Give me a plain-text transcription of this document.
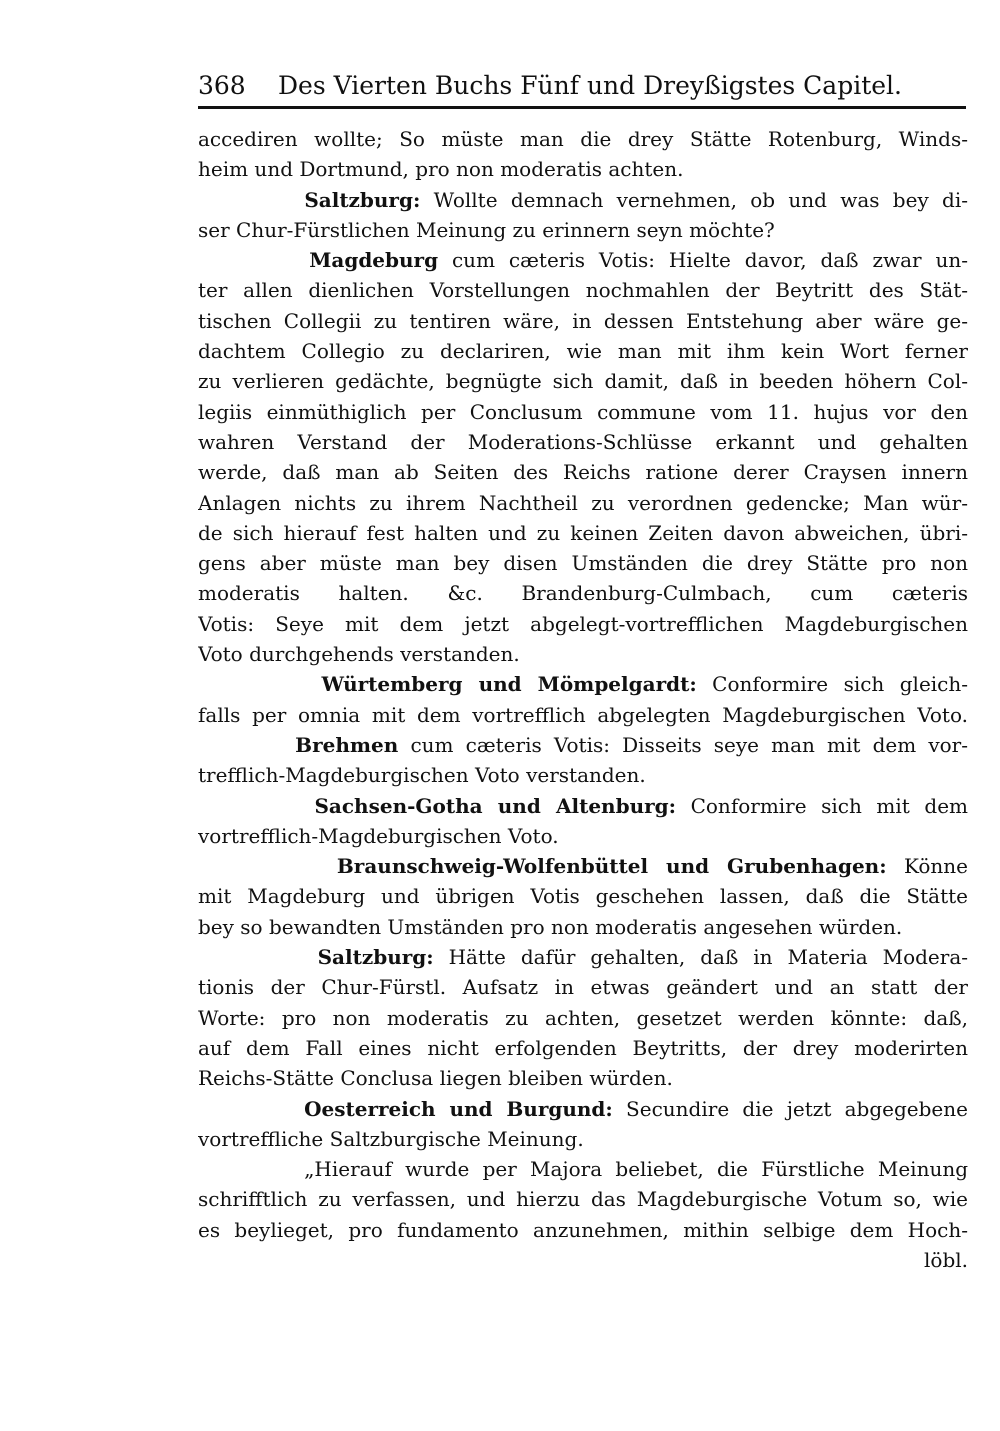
368 Des Vierten Buchs Fünf und Dreyßigstes Capitel.
accediren wollte; So müste man die drey Stätte Rotenburg, Winds-
heim und Dortmund, pro non moderatis achten.
Saltzburg: Wollte demnach vernehmen, ob und was bey di-
ser Chur-Fürstlichen Meinung zu erinnern seyn möchte?
Magdeburg cum cæteris Votis: Hielte davor, daß zwar un-
ter allen dienlichen Vorstellungen nochmahlen der Beytritt des Stät-
tischen Collegii zu tentiren wäre, in dessen Entstehung aber wäre ge-
dachtem Collegio zu declariren, wie man mit ihm kein Wort ferner
zu verlieren gedächte, begnügte sich damit, daß in beeden höhern Col-
legiis einmüthiglich per Conclusum commune vom 11. hujus vor den
wahren Verstand der Moderations-Schlüsse erkannt und gehalten
werde, daß man ab Seiten des Reichs ratione derer Craysen innern
Anlagen nichts zu ihrem Nachtheil zu verordnen gedencke; Man wür-
de sich hierauf fest halten und zu keinen Zeiten davon abweichen, übri-
gens aber müste man bey disen Umständen die drey Stätte pro non
moderatis halten. &c. Brandenburg-Culmbach, cum cæteris
Votis: Seye mit dem jetzt abgelegt-vortrefflichen Magdeburgischen
Voto durchgehends verstanden.
Würtemberg und Mömpelgardt: Conformire sich gleich-
falls per omnia mit dem vortrefflich abgelegten Magdeburgischen Voto.
Brehmen cum cæteris Votis: Disseits seye man mit dem vor-
trefflich-Magdeburgischen Voto verstanden.
Sachsen-Gotha und Altenburg: Conformire sich mit dem
vortrefflich-Magdeburgischen Voto.
Braunschweig-Wolfenbüttel und Grubenhagen: Könne
mit Magdeburg und übrigen Votis geschehen lassen, daß die Stätte
bey so bewandten Umständen pro non moderatis angesehen würden.
Saltzburg: Hätte dafür gehalten, daß in Materia Modera-
tionis der Chur-Fürstl. Aufsatz in etwas geändert und an statt der
Worte: pro non moderatis zu achten, gesetzet werden könnte: daß,
auf dem Fall eines nicht erfolgenden Beytritts, der drey moderirten
Reichs-Stätte Conclusa liegen bleiben würden.
Oesterreich und Burgund: Secundire die jetzt abgegebene
vortreffliche Saltzburgische Meinung.
„Hierauf wurde per Majora beliebet, die Fürstliche Meinung
schrifftlich zu verfassen, und hierzu das Magdeburgische Votum so, wie
es beylieget, pro fundamento anzunehmen, mithin selbige dem Hoch-
löbl.
